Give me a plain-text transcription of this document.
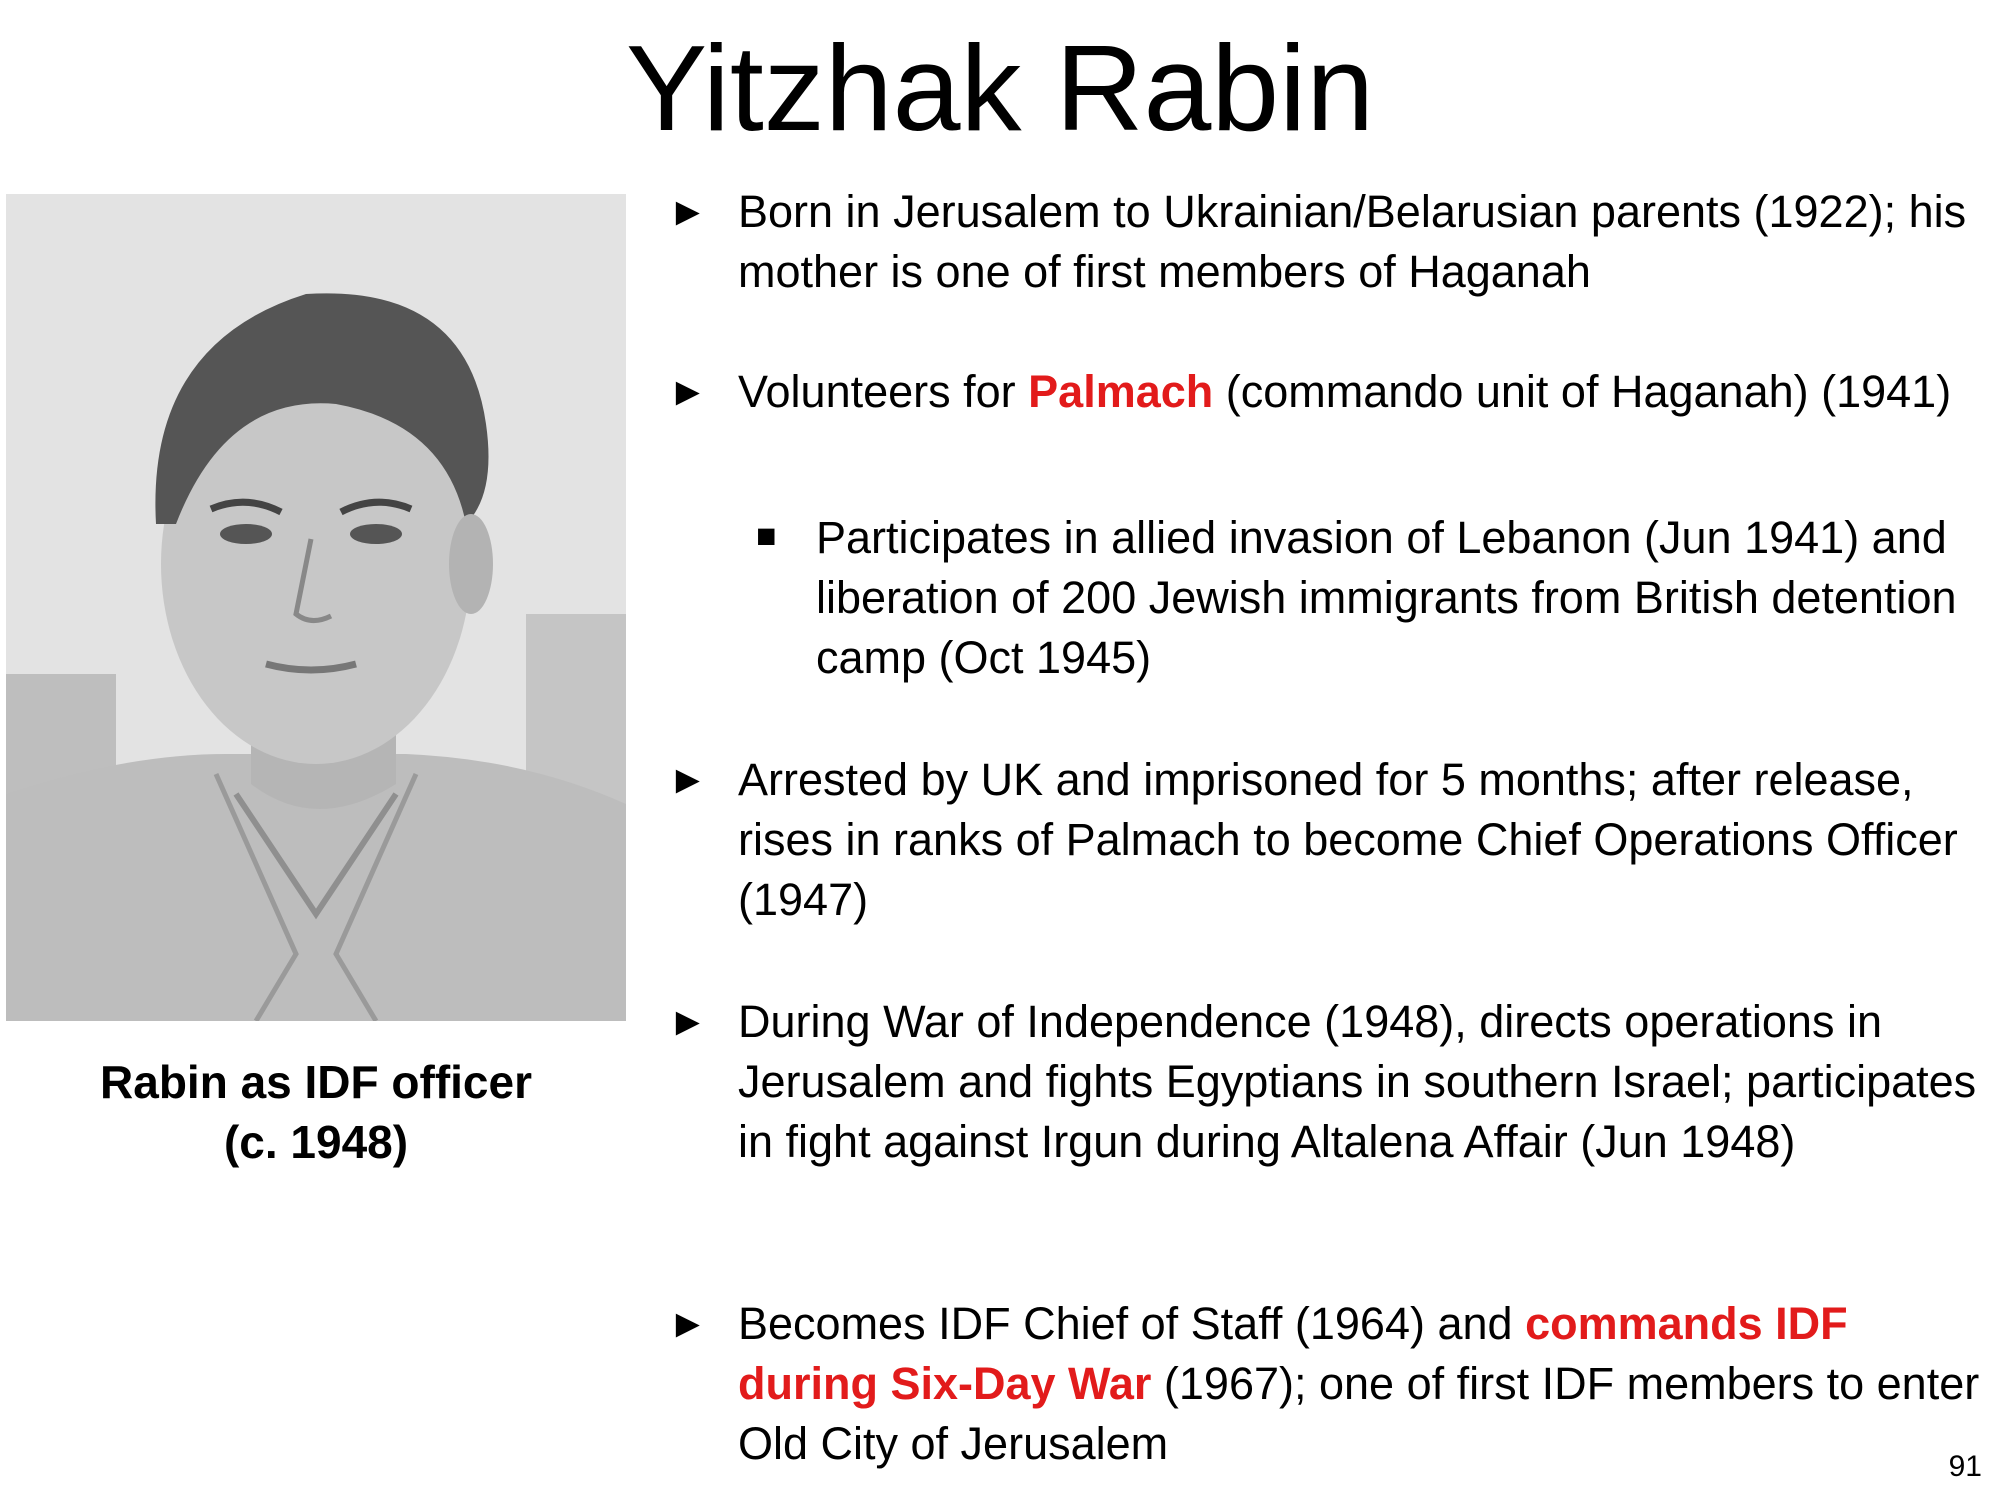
Yitzhak Rabin
Rabin as IDF officer
(c. 1948)
► Born in Jerusalem to Ukrainian/Belarusian parents (1922); his mother is one of first members of Haganah
► Volunteers for Palmach (commando unit of Haganah) (1941)
■ Participates in allied invasion of Lebanon (Jun 1941) and liberation of 200 Jewish immigrants from British detention camp (Oct 1945)
► Arrested by UK and imprisoned for 5 months; after release, rises in ranks of Palmach to become Chief Operations Officer (1947)
► During War of Independence (1948), directs operations in Jerusalem and fights Egyptians in southern Israel; participates in fight against Irgun during Altalena Affair (Jun 1948)
► Becomes IDF Chief of Staff (1964) and commands IDF during Six-Day War (1967); one of first IDF members to enter Old City of Jerusalem	91
